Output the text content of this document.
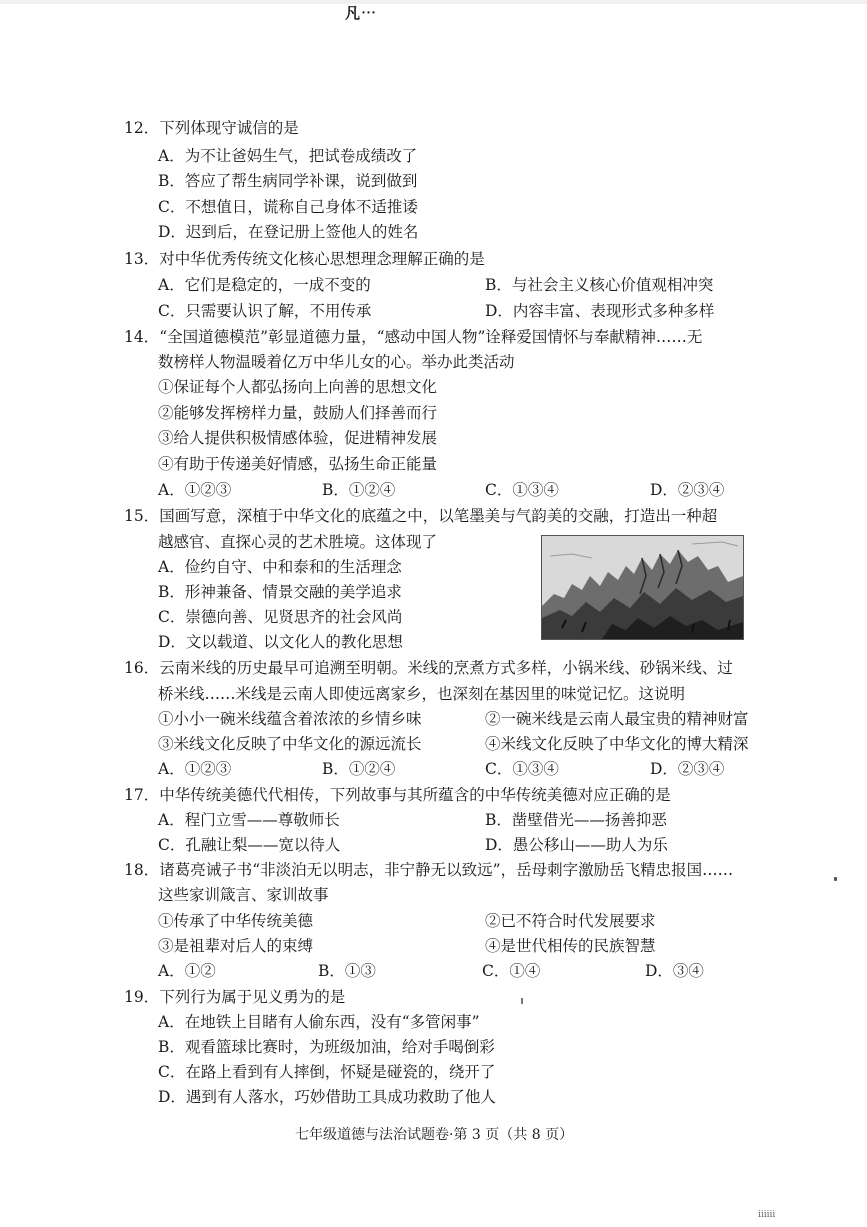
凡⋯
12．下列体现守诚信的是
A．为不让爸妈生气，把试卷成绩改了
B．答应了帮生病同学补课，说到做到
C．不想值日，谎称自己身体不适推诿
D．迟到后，在登记册上签他人的姓名
13．对中华优秀传统文化核心思想理念理解正确的是
A．它们是稳定的，一成不变的	B．与社会主义核心价值观相冲突
C．只需要认识了解，不用传承	D．内容丰富、表现形式多种多样
14．“全国道德模范”彰显道德力量，“感动中国人物”诠释爱国情怀与奉献精神……无
数榜样人物温暖着亿万中华儿女的心。举办此类活动
①保证每个人都弘扬向上向善的思想文化
②能够发挥榜样力量，鼓励人们择善而行
③给人提供积极情感体验，促进精神发展
④有助于传递美好情感，弘扬生命正能量
A．①②③	B．①②④	C．①③④	D．②③④
15．国画写意，深植于中华文化的底蕴之中，以笔墨美与气韵美的交融，打造出一种超
越感官、直探心灵的艺术胜境。这体现了
A．俭约自守、中和泰和的生活理念
B．形神兼备、情景交融的美学追求
C．崇德向善、见贤思齐的社会风尚
D．文以载道、以文化人的教化思想
16．云南米线的历史最早可追溯至明朝。米线的烹煮方式多样，小锅米线、砂锅米线、过
桥米线……米线是云南人即使远离家乡，也深刻在基因里的味觉记忆。这说明
①小小一碗米线蕴含着浓浓的乡情乡味	②一碗米线是云南人最宝贵的精神财富
③米线文化反映了中华文化的源远流长	④米线文化反映了中华文化的博大精深
A．①②③	B．①②④	C．①③④	D．②③④
17．中华传统美德代代相传，下列故事与其所蕴含的中华传统美德对应正确的是
A．程门立雪——尊敬师长	B．凿壁借光——扬善抑恶
C．孔融让梨——宽以待人	D．愚公移山——助人为乐
18．诸葛亮诫子书“非淡泊无以明志，非宁静无以致远”，岳母刺字激励岳飞精忠报国……
这些家训箴言、家训故事
①传承了中华传统美德	②已不符合时代发展要求
③是祖辈对后人的束缚	④是世代相传的民族智慧
A．①②	B．①③	C．①④	D．③④
19．下列行为属于见义勇为的是
A．在地铁上目睹有人偷东西，没有“多管闲事”
B．观看篮球比赛时，为班级加油，给对手喝倒彩
C．在路上看到有人摔倒，怀疑是碰瓷的，绕开了
D．遇到有人落水，巧妙借助工具成功救助了他人
七年级道德与法治试题卷·第 3 页（共 8 页）
ⅱⅱⅱ
